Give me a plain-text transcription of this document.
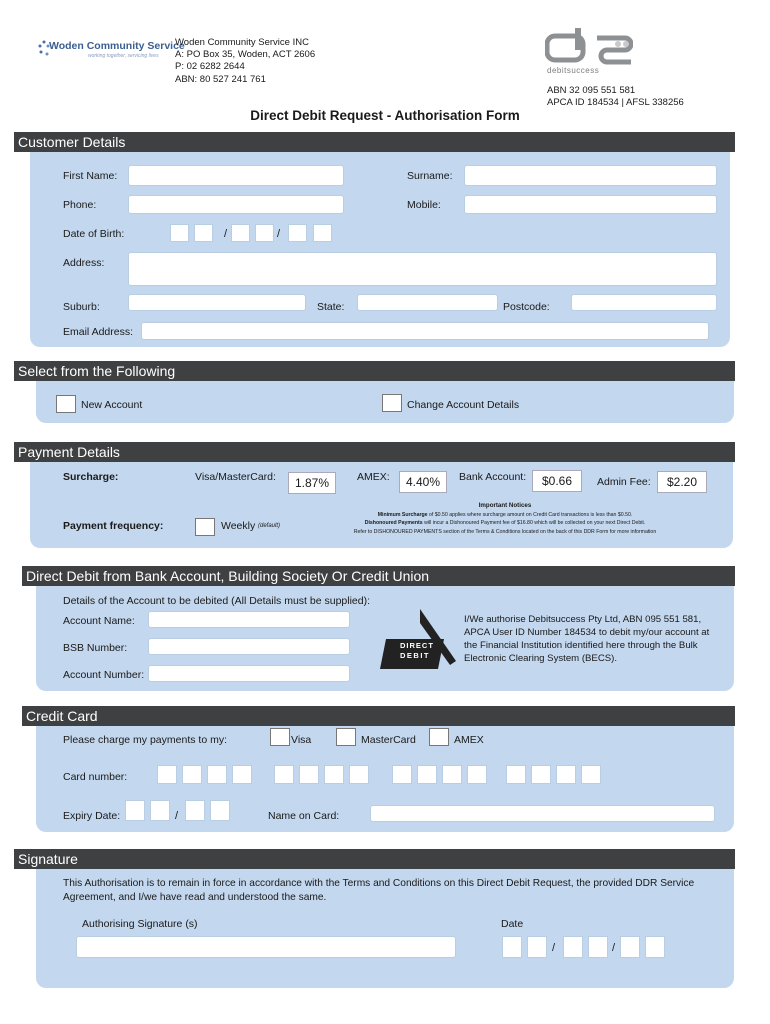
Woden Community Service
working together, servicing lives
Woden Community Service INC
A: PO Box 35, Woden, ACT 2606
P: 02 6282 2644
ABN: 80 527 241 761
debitsuccess
ABN 32 095 551 581
APCA ID 184534 | AFSL 338256
Direct Debit Request - Authorisation Form
Customer Details
First Name:	Surname:
Phone:	Mobile:
Date of Birth:	/	/
Address:
Suburb:	State:	Postcode:
Email Address:
Select from the Following
New Account	Change Account Details
Payment Details
Surcharge:	Visa/MasterCard:	1.87%	AMEX:	4.40%	Bank Account:	$0.66	Admin Fee:	$2.20
Payment frequency:	Weekly (default)
Important Notices
Minimum Surcharge of $0.50 applies where surcharge amount on Credit Card transactions is less than $0.50.
Dishonoured Payments will incur a Dishonoured Payment fee of $16.80 which will be collected on your next Direct Debit.
Refer to DISHONOURED PAYMENTS section of the Terms & Conditions located on the back of this DDR Form for more information
Direct Debit from Bank Account, Building Society Or Credit Union
Details of the Account to be debited (All Details must be supplied):
Account Name:
BSB Number:
Account Number:
DIRECT
DEBIT
I/We authorise Debitsuccess Pty Ltd, ABN 095 551 581,
APCA User ID Number 184534 to debit my/our account at
the Financial Institution identified here through the Bulk
Electronic Clearing System (BECS).
Credit Card
Please charge my payments to my:	Visa	MasterCard	AMEX
Card number:
Expiry Date:	/	Name on Card:
Signature
This Authorisation is to remain in force in accordance with the Terms and Conditions on this Direct Debit Request, the provided DDR Service
Agreement, and I/we have read and understood the same.
Authorising Signature (s)	Date
/	/
